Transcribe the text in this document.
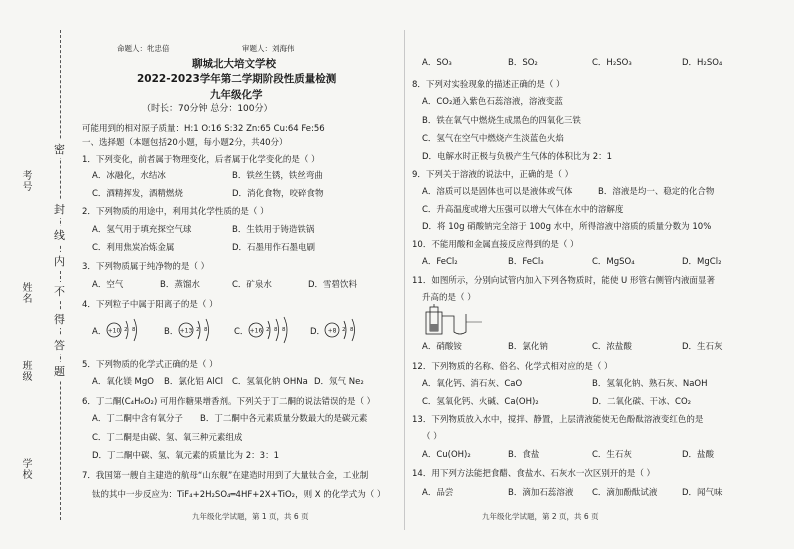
学校
班级
姓名
考号
密
封
线
内
不
得
答
题
命题人：牝忠倍	审题人：刘海伟
聊城北大培文学校
2022-2023学年第二学期阶段性质量检测
九年级化学
（时长：70分钟 总分：100分）
可能用到的相对原子质量：H:1 O:16 S:32 Zn:65 Cu:64 Fe:56
一、选择题（本题包括20小题，每小题2分，共40分）
1．下列变化，前者属于物理变化，后者属于化学变化的是（ ）
A．冰融化，水结冰	B．铁丝生锈，铁丝弯曲
C．酒精挥发，酒精燃烧	D．消化食物，咬碎食物
2．下列物质的用途中，利用其化学性质的是（ ）
A．氢气用于填充探空气球	B．生铁用于铸造铁锅
C．利用焦炭冶炼金属	D．石墨用作石墨电刷
3．下列物质属于纯净物的是（ ）
A．空气	B．蒸馏水	C．矿泉水	D．雪碧饮料
4．下列粒子中属于阳离子的是（ ）
A．	B．	C．	D．
+10 2 8	+13 2 8	+16 2 8 8	+8 2 8
5．下列物质的化学式正确的是（ ）
A．氧化镁 MgO B．氯化铝 AlCl C．氢氧化钠 OHNa D．氖气 Ne₂
6．丁二酮(C₄H₆O₂) 可用作糖果增香剂。下列关于丁二酮的说法错误的是（ ）
A．丁二酮中含有氧分子 B．丁二酮中各元素质量分数最大的是碳元素
C．丁二酮是由碳、氢、氧三种元素组成
D．丁二酮中碳、氢、氧元素的质量比为 2：3：1
7．我国第一艘自主建造的航母“山东舰”在建造时用到了大量钛合金，工业制
钛的其中一步反应为：TiF₄+2H₂SO₄═4HF+2X+TiO₂，则 X 的化学式为（ ）
九年级化学试题，第 1 页，共 6 页
A．SO₃	B．SO₂	C．H₂SO₃	D．H₂SO₄
8．下列对实验现象的描述正确的是（ ）
A．CO₂通入紫色石蕊溶液，溶液变蓝
B．铁在氧气中燃烧生成黑色的四氧化三铁
C．氢气在空气中燃烧产生淡蓝色火焰
D．电解水时正极与负极产生气体的体积比为 2：1
9．下列关于溶液的说法中，正确的是（ ）
A．溶质可以是固体也可以是液体或气体	B．溶液是均一、稳定的化合物
C．升高温度或增大压强可以增大气体在水中的溶解度
D．将 10g 硝酸钠完全溶于 100g 水中，所得溶液中溶质的质量分数为 10%
10．不能用酸和金属直接反应得到的是（ ）
A．FeCl₂	B．FeCl₃	C．MgSO₄	D．MgCl₂
11．如图所示，分别向试管内加入下列各物质时，能使 U 形管右侧管内液面显著
升高的是（ ）
A．硝酸铵	B．氯化钠	C．浓盐酸	D．生石灰
12．下列物质的名称、俗名、化学式相对应的是（ ）
A．氧化钙、消石灰、CaO	B．氢氧化钠、熟石灰、NaOH
C．氢氧化钙、火碱、Ca(OH)₂	D．二氧化碳、干冰、CO₂
13．下列物质放入水中，搅拌、静置，上层清液能使无色酚酞溶液变红色的是
（ ）
A．Cu(OH)₂	B．食盐	C．生石灰	D．盐酸
14．用下列方法能把食醋、食盐水、石灰水一次区别开的是（ ）
A．品尝	B．滴加石蕊溶液 C．滴加酚酞试液	D．闻气味
九年级化学试题，第 2 页，共 6 页
